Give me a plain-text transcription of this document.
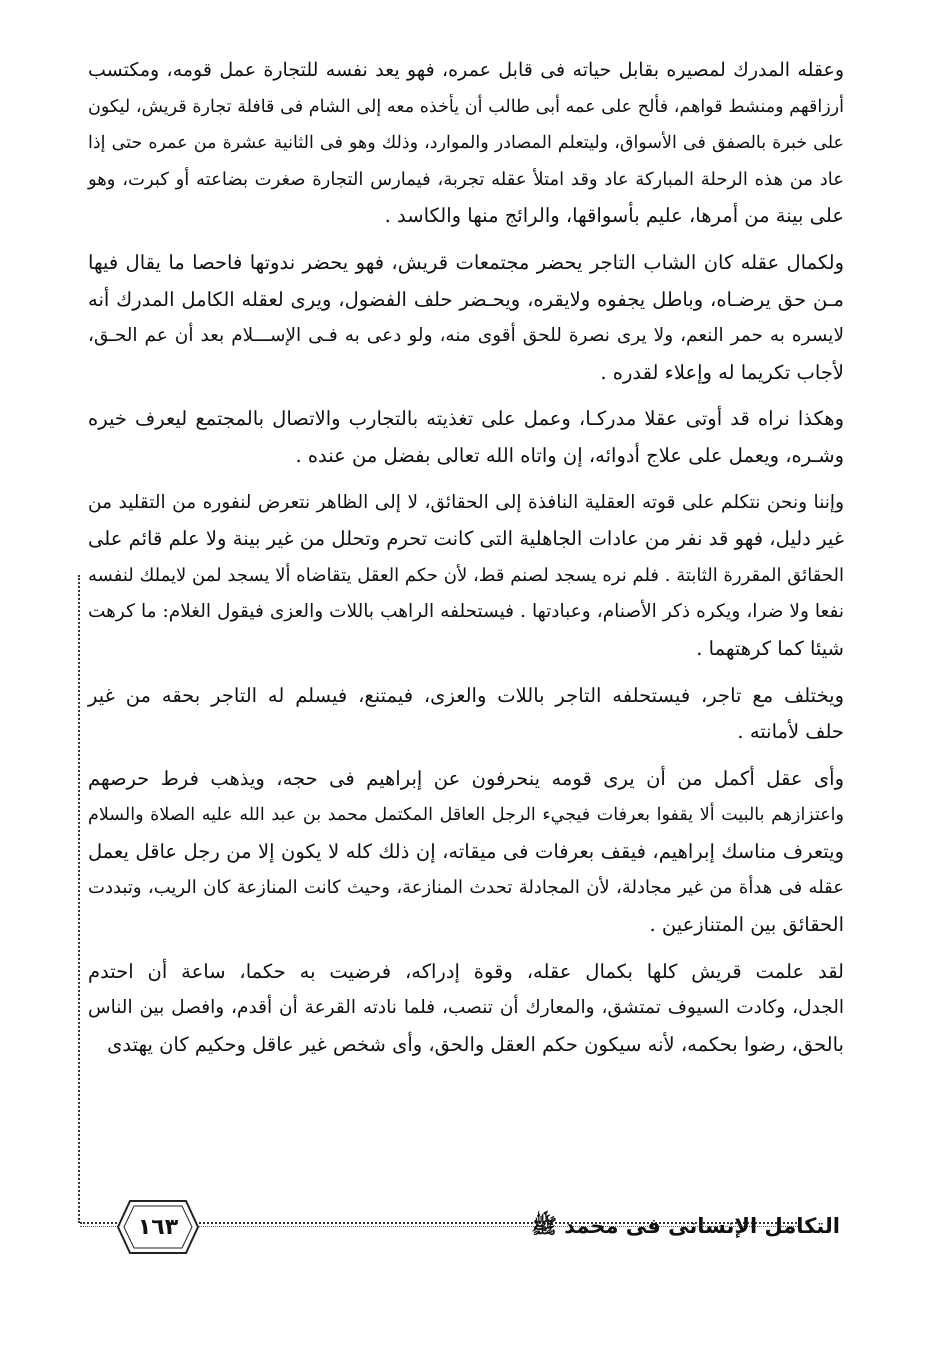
وعقله المدرك لمصيره بقابل حياته فى قابل عمره، فهو يعد نفسه للتجارة عمل قومه، ومكتسب
أرزاقهم ومنشط قواهم، فألح على عمه أبى طالب أن يأخذه معه إلى الشام فى قافلة تجارة قريش، ليكون
على خبرة بالصفق فى الأسواق، وليتعلم المصادر والموارد، وذلك وهو فى الثانية عشرة من عمره حتى إذا
عاد من هذه الرحلة المباركة عاد وقد امتلأ عقله تجربة، فيمارس التجارة صغرت بضاعته أو كبرت، وهو
على بينة من أمرها، عليم بأسواقها، والرائج منها والكاسد .
ولكمال عقله كان الشاب التاجر يحضر مجتمعات قريش، فهو يحضر ندوتها فاحصا ما يقال فيها
مـن حق يرضـاه، وباطل يجفوه ولايقره، ويحـضر حلف الفضول، ويرى لعقله الكامل المدرك أنه
لايسره به حمر النعم، ولا يرى نصرة للحق أقوى منه، ولو دعى به فـى الإســـلام بعد أن عم الحـق،
لأجاب تكريما له وإعلاء لقدره .
وهكذا نراه قد أوتى عقلا مدركـا، وعمل على تغذيته بالتجارب والاتصال بالمجتمع ليعرف خيره
وشـره، ويعمل على علاج أدوائه، إن واتاه الله تعالى بفضل من عنده .
وإننا ونحن نتكلم على قوته العقلية النافذة إلى الحقائق، لا إلى الظاهر نتعرض لنفوره من التقليد من
غير دليل، فهو قد نفر من عادات الجاهلية التى كانت تحرم وتحلل من غير بينة ولا علم قائم على
الحقائق المقررة الثابتة . فلم نره يسجد لصنم قط، لأن حكم العقل يتقاضاه ألا يسجد لمن لايملك لنفسه
نفعا ولا ضرا، ويكره ذكر الأصنام، وعبادتها . فيستحلفه الراهب باللات والعزى فيقول الغلام: ما كرهت
شيئا كما كرهتهما .
ويختلف مع تاجر، فيستحلفه التاجر باللات والعزى، فيمتنع، فيسلم له التاجر بحقه من غير
حلف لأمانته .
وأى عقل أكمل من أن يرى قومه ينحرفون عن إبراهيم فى حجه، ويذهب فرط حرصهم
واعتزازهم بالبيت ألا يقفوا بعرفات فيجيء الرجل العاقل المكتمل محمد بن عبد الله عليه الصلاة والسلام
ويتعرف مناسك إبراهيم، فيقف بعرفات فى ميقاته، إن ذلك كله لا يكون إلا من رجل عاقل يعمل
عقله فى هدأة من غير مجادلة، لأن المجادلة تحدث المنازعة، وحيث كانت المنازعة كان الريب، وتبددت
الحقائق بين المتنازعين .
لقد علمت قريش كلها بكمال عقله، وقوة إدراكه، فرضيت به حكما، ساعة أن احتدم
الجدل، وكادت السيوف تمتشق، والمعارك أن تنصب، فلما نادته القرعة أن أقدم، وافصل بين الناس
بالحق، رضوا بحكمه، لأنه سيكون حكم العقل والحق، وأى شخص غير عاقل وحكيم كان يهتدى
١٦٣	التكامل الإنسانى فى محمد ﷺ
